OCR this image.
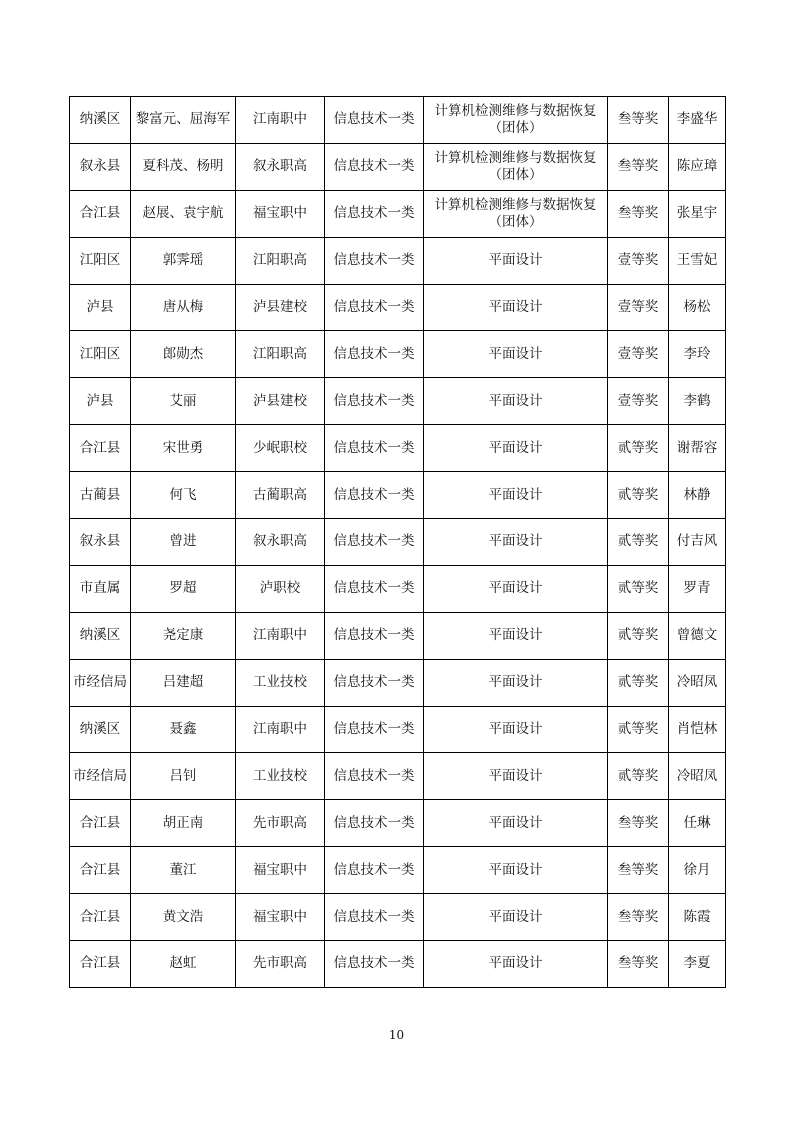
纳溪区	黎富元、屈海军	江南职中	信息技术一类	计算机检测维修与数据恢复（团体）	叁等奖	李盛华
叙永县	夏科茂、杨明	叙永职高	信息技术一类	计算机检测维修与数据恢复（团体）	叁等奖	陈应璋
合江县	赵展、袁宇航	福宝职中	信息技术一类	计算机检测维修与数据恢复（团体）	叁等奖	张星宇
江阳区	郭霁瑶	江阳职高	信息技术一类	平面设计	壹等奖	王雪妃
泸县	唐从梅	泸县建校	信息技术一类	平面设计	壹等奖	杨松
江阳区	郎勋杰	江阳职高	信息技术一类	平面设计	壹等奖	李玲
泸县	艾丽	泸县建校	信息技术一类	平面设计	壹等奖	李鹤
合江县	宋世勇	少岷职校	信息技术一类	平面设计	贰等奖	谢帮容
古蔺县	何飞	古蔺职高	信息技术一类	平面设计	贰等奖	林静
叙永县	曾进	叙永职高	信息技术一类	平面设计	贰等奖	付吉风
市直属	罗超	泸职校	信息技术一类	平面设计	贰等奖	罗青
纳溪区	尧定康	江南职中	信息技术一类	平面设计	贰等奖	曾德文
市经信局	吕建超	工业技校	信息技术一类	平面设计	贰等奖	冷昭凤
纳溪区	聂鑫	江南职中	信息技术一类	平面设计	贰等奖	肖恺林
市经信局	吕钊	工业技校	信息技术一类	平面设计	贰等奖	冷昭凤
合江县	胡正南	先市职高	信息技术一类	平面设计	叁等奖	任琳
合江县	董江	福宝职中	信息技术一类	平面设计	叁等奖	徐月
合江县	黄文浩	福宝职中	信息技术一类	平面设计	叁等奖	陈霞
合江县	赵虹	先市职高	信息技术一类	平面设计	叁等奖	李夏
10
